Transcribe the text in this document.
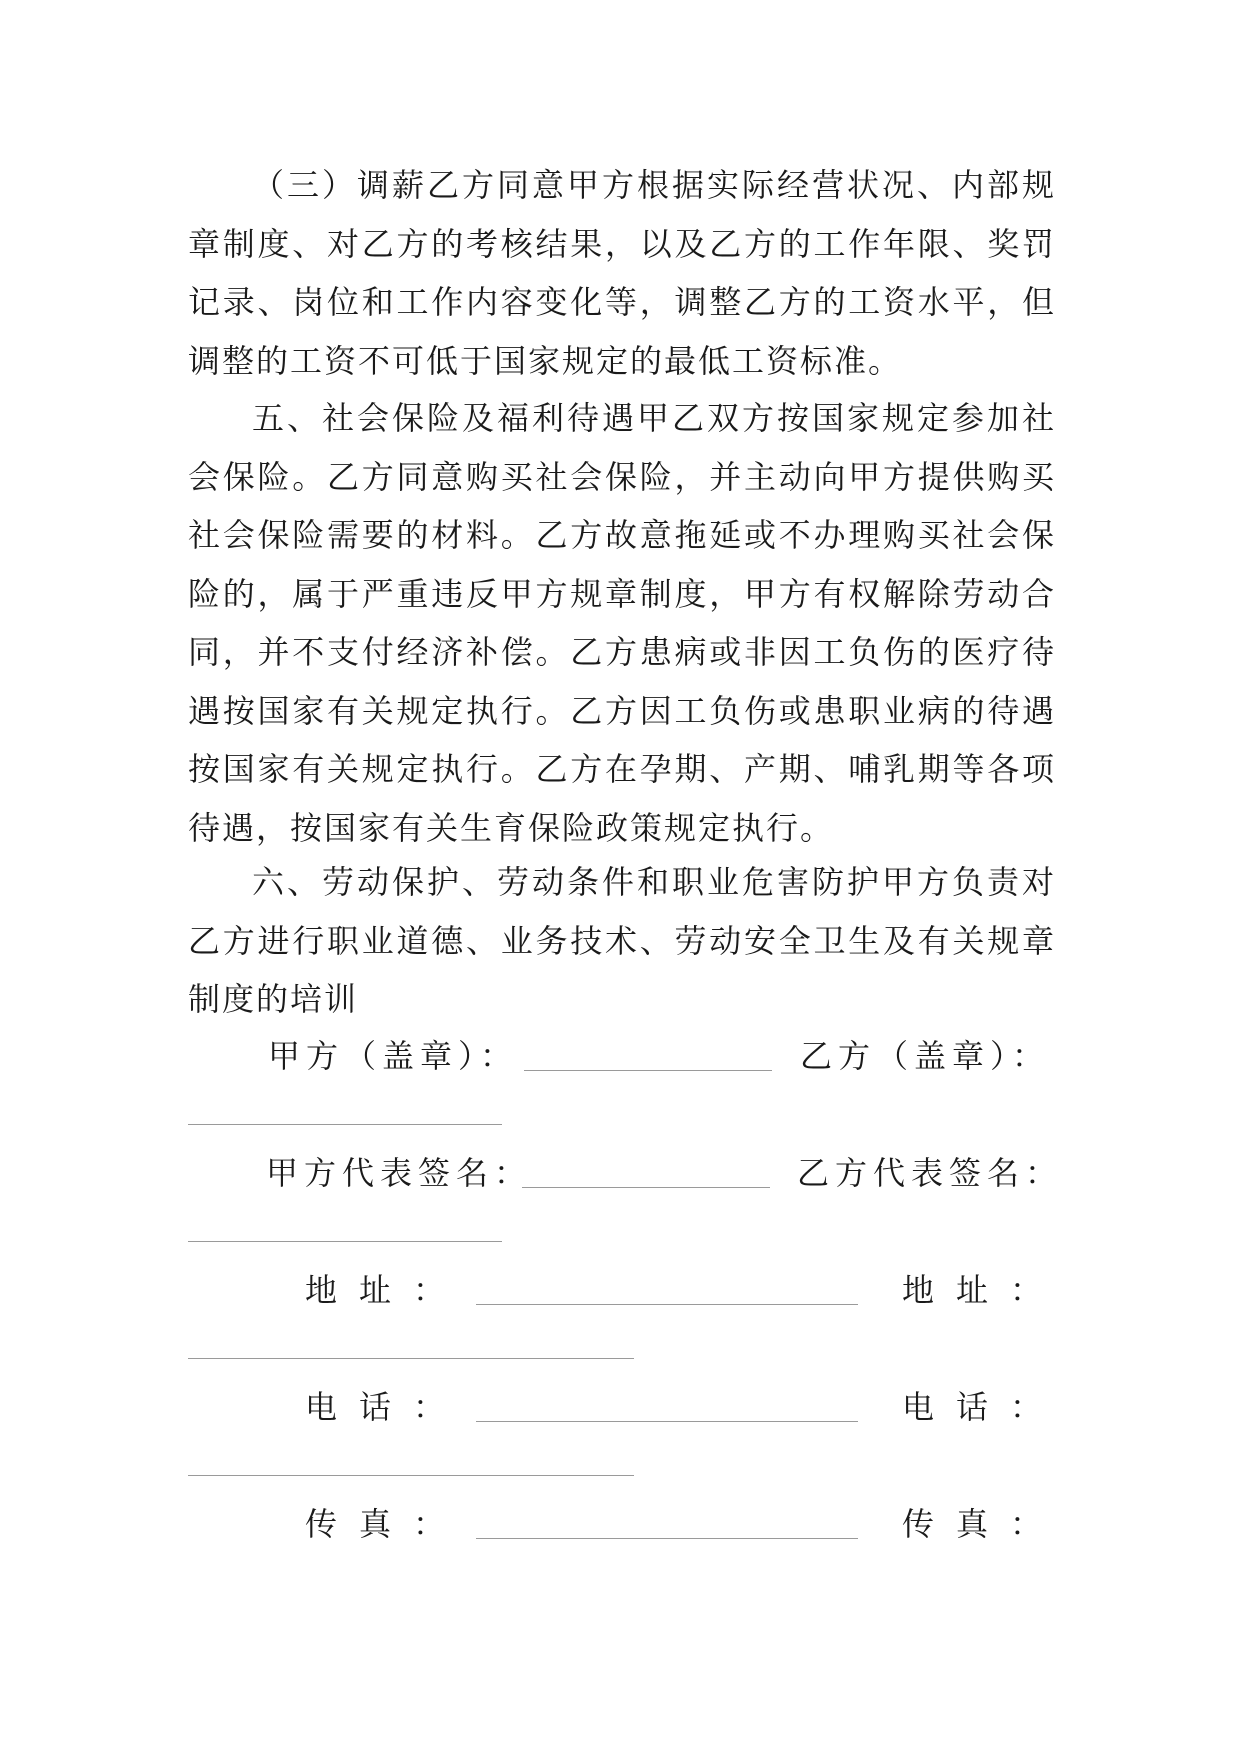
（三）调薪乙方同意甲方根据实际经营状况、内部规章制度、对乙方的考核结果，以及乙方的工作年限、奖罚记录、岗位和工作内容变化等，调整乙方的工资水平，但调整的工资不可低于国家规定的最低工资标准。

五、社会保险及福利待遇甲乙双方按国家规定参加社会保险。乙方同意购买社会保险，并主动向甲方提供购买社会保险需要的材料。乙方故意拖延或不办理购买社会保险的，属于严重违反甲方规章制度，甲方有权解除劳动合同，并不支付经济补偿。乙方患病或非因工负伤的医疗待遇按国家有关规定执行。乙方因工负伤或患职业病的待遇按国家有关规定执行。乙方在孕期、产期、哺乳期等各项待遇，按国家有关生育保险政策规定执行。

六、劳动保护、劳动条件和职业危害防护甲方负责对乙方进行职业道德、业务技术、劳动安全卫生及有关规章制度的培训

甲方（盖章）：	乙方（盖章）：
甲方代表签名：	乙方代表签名：
地址：	地址：
电话：	电话：
传真：	传真：
